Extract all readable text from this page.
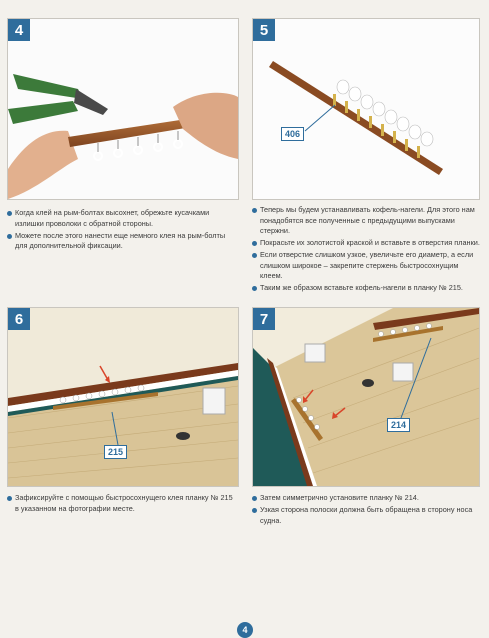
4

Когда клей на рым-болтах высохнет, обрежьте кусачками излишки проволоки с обратной стороны.

Можете после этого нанести еще немного клея на рым-болты для дополнительной фиксации.

5
406

Теперь мы будем устанавливать кофель-нагели. Для этого нам понадобятся все полученные с предыдущими выпусками стержни.

Покрасьте их золотистой краской и вставьте в отверстия планки.

Если отверстие слишком узкое, увеличьте его диаметр, а если слишком широкое – закрепите стержень быстросохнущим клеем.

Таким же образом вставьте кофель-нагели в планку № 215.

6
215

Зафиксируйте с помощью быстросохнущего клея планку № 215 в указанном на фотографии месте.

7
214

Затем симметрично установите планку № 214.

Узкая сторона полоски должна быть обращена в сторону носа судна.

4
